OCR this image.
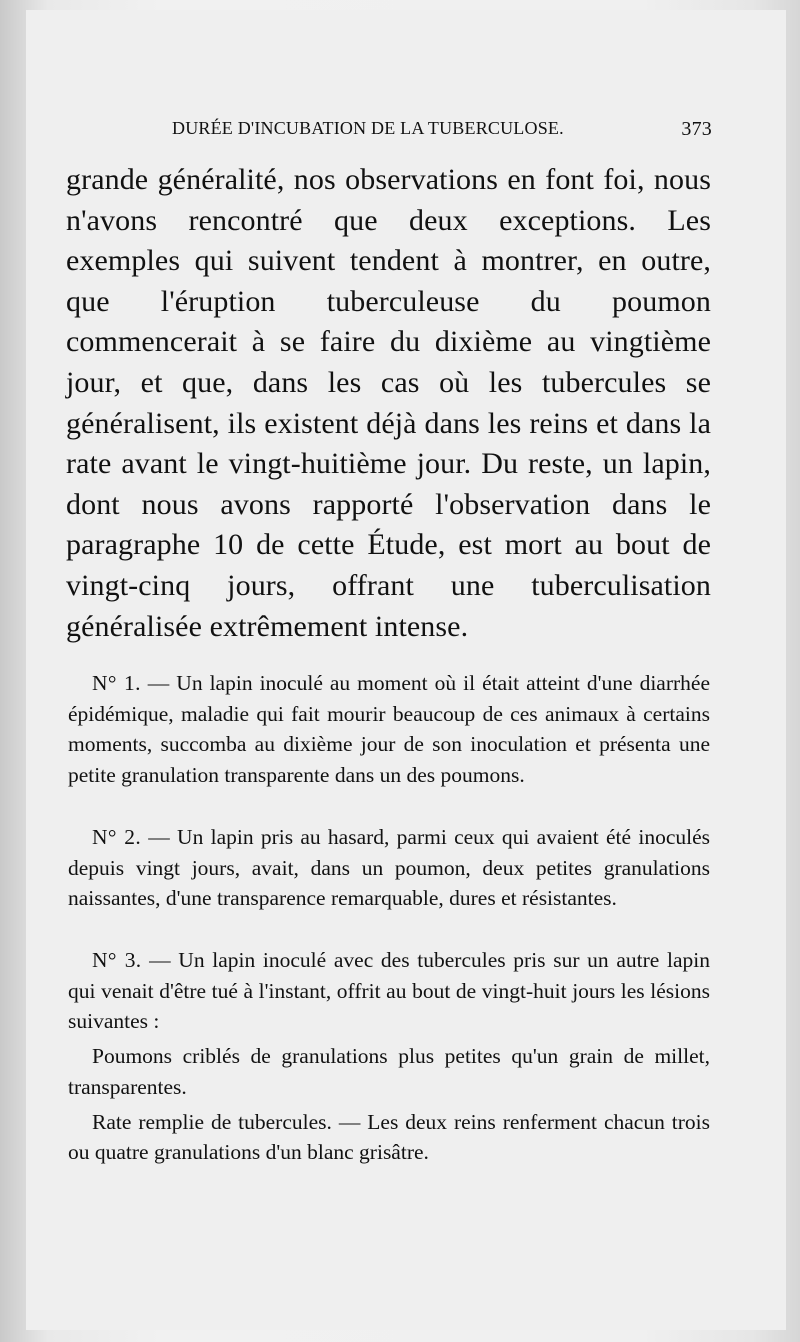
DURÉE D'INCUBATION DE LA TUBERCULOSE.	373
grande généralité, nos observations en font foi, nous n'avons rencontré que deux exceptions. Les exemples qui suivent tendent à montrer, en outre, que l'éruption tuberculeuse du poumon commencerait à se faire du dixième au vingtième jour, et que, dans les cas où les tubercules se généralisent, ils existent déjà dans les reins et dans la rate avant le vingt-huitième jour. Du reste, un lapin, dont nous avons rapporté l'observation dans le paragraphe 10 de cette Étude, est mort au bout de vingt-cinq jours, offrant une tuberculisation généralisée extrêmement intense.

N° 1. — Un lapin inoculé au moment où il était atteint d'une diarrhée épidémique, maladie qui fait mourir beaucoup de ces animaux à certains moments, succomba au dixième jour de son inoculation et présenta une petite granulation transparente dans un des poumons.

N° 2. — Un lapin pris au hasard, parmi ceux qui avaient été inoculés depuis vingt jours, avait, dans un poumon, deux petites granulations naissantes, d'une transparence remarquable, dures et résistantes.

N° 3. — Un lapin inoculé avec des tubercules pris sur un autre lapin qui venait d'être tué à l'instant, offrit au bout de vingt-huit jours les lésions suivantes :

Poumons criblés de granulations plus petites qu'un grain de millet, transparentes.

Rate remplie de tubercules. — Les deux reins renferment chacun trois ou quatre granulations d'un blanc grisâtre.
